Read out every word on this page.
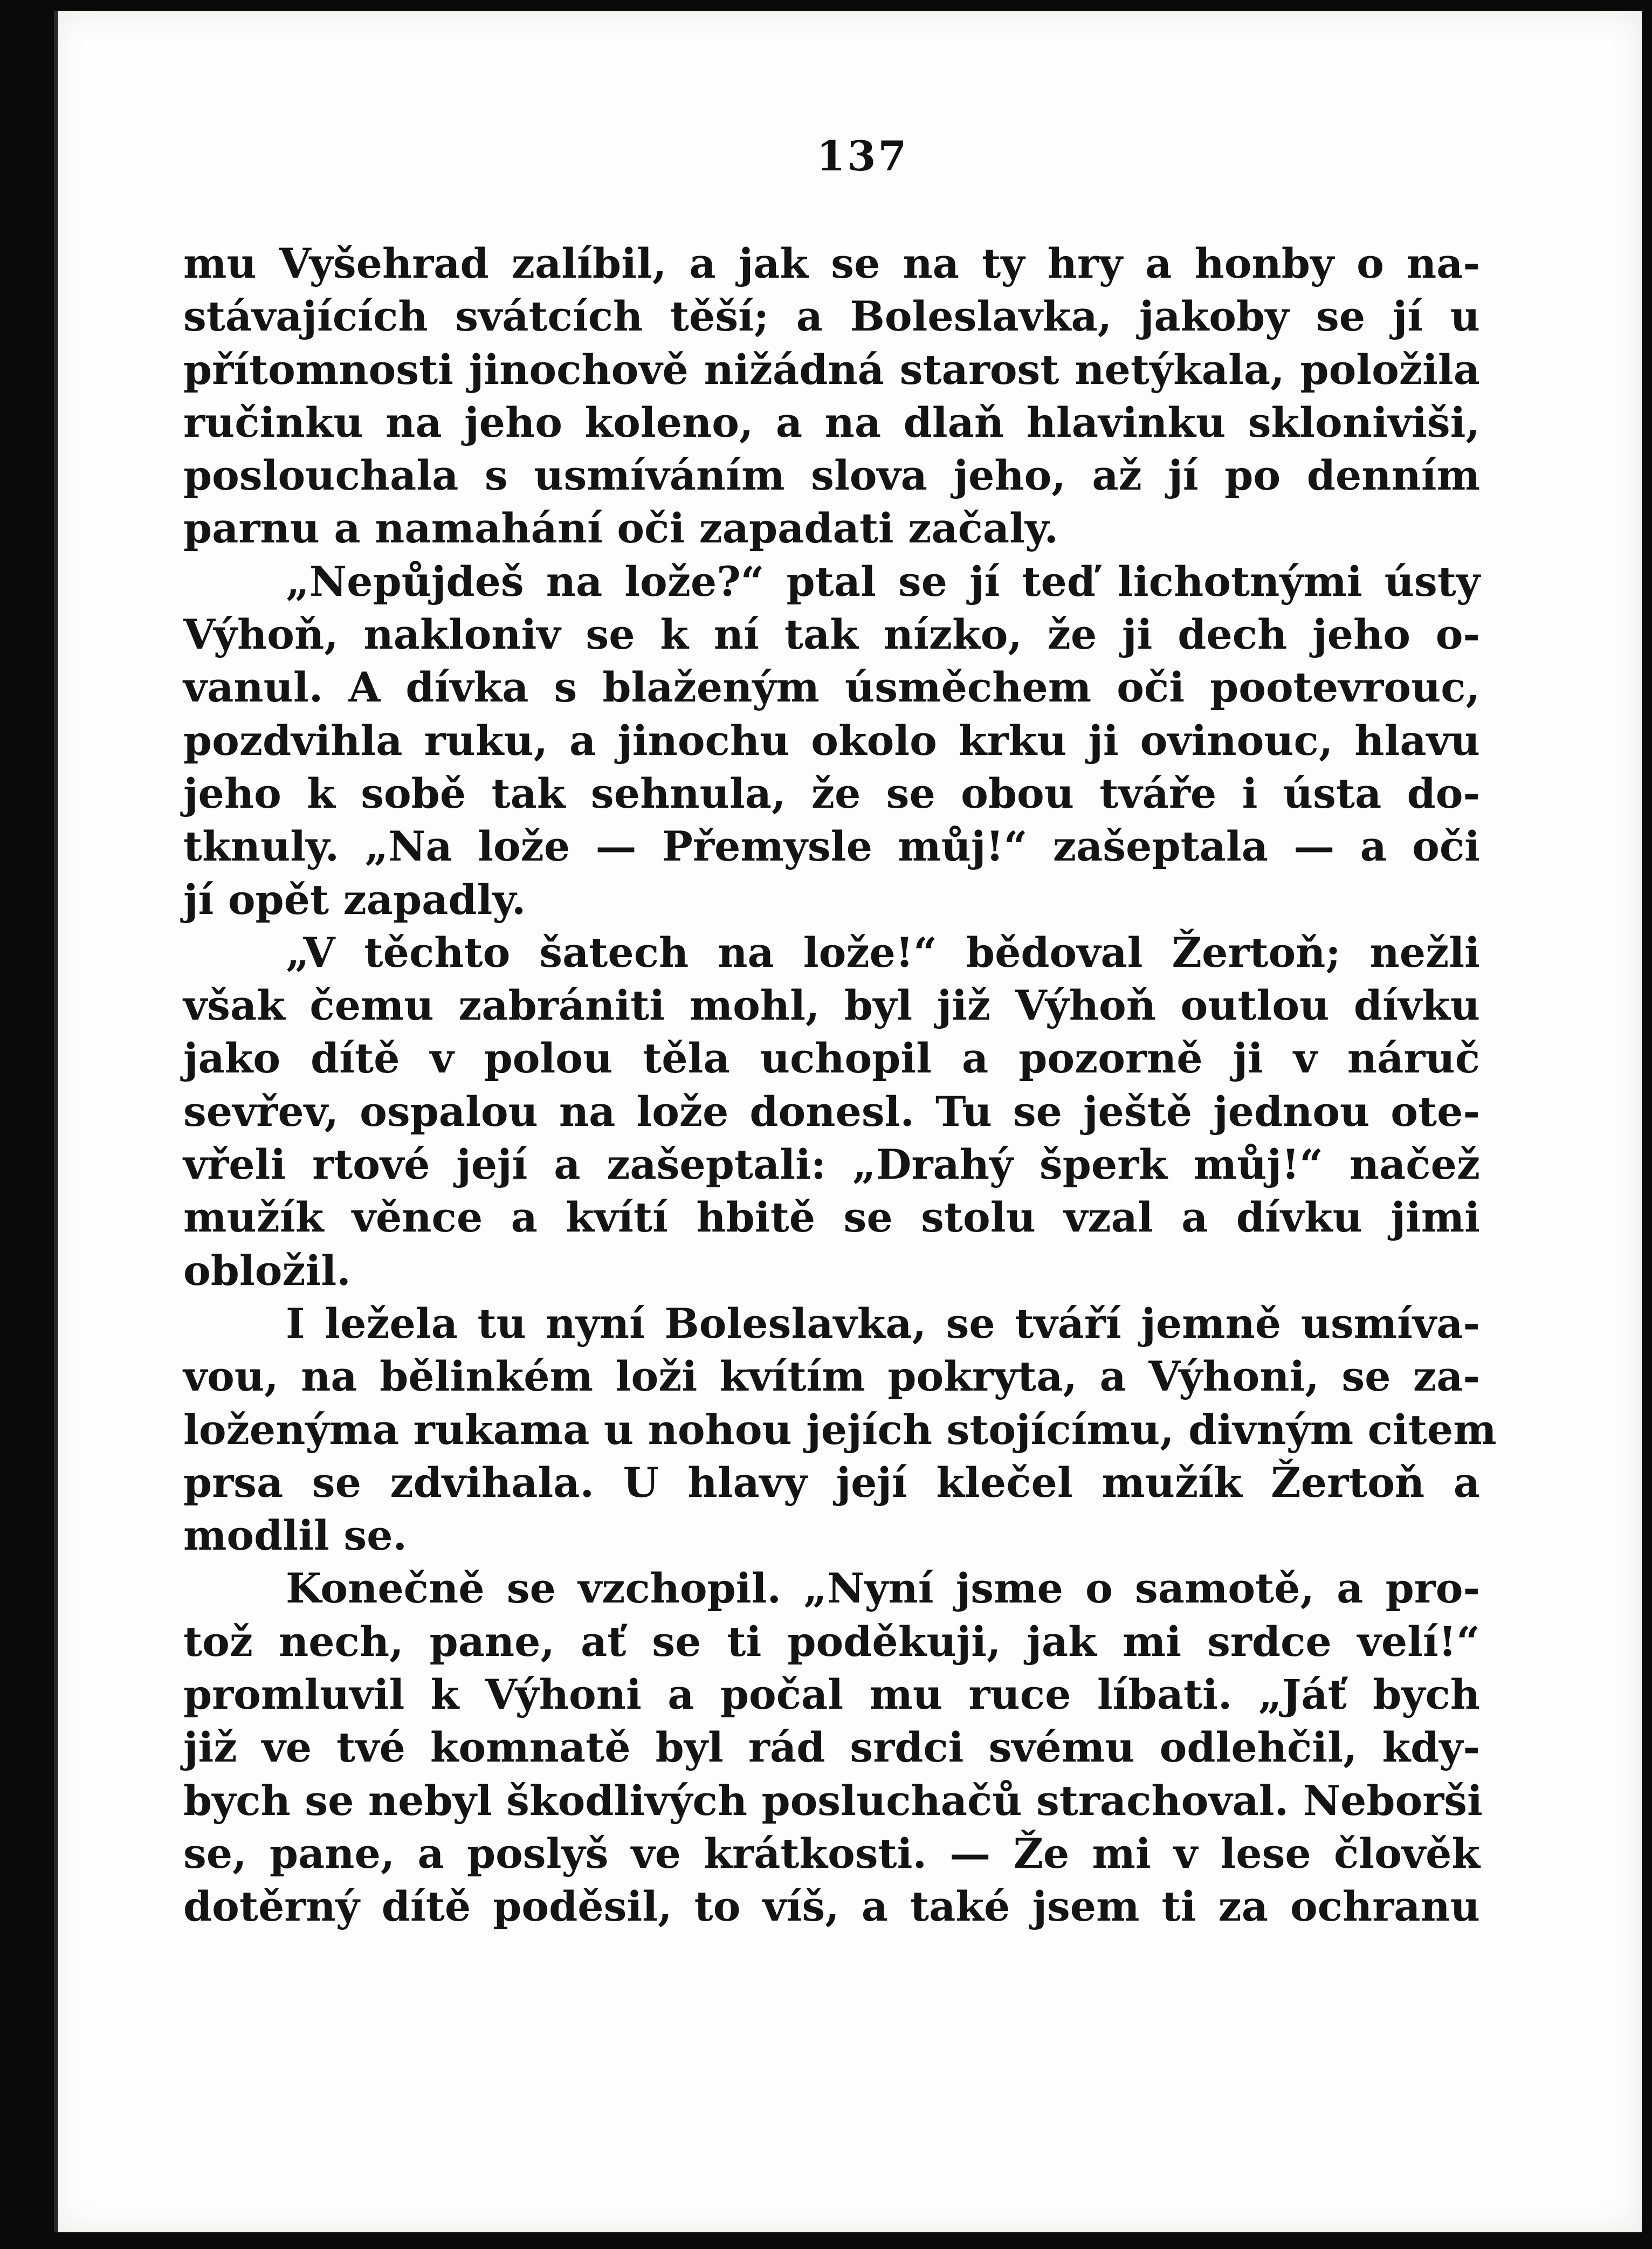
137
mu Vyšehrad zalíbil, a jak se na ty hry a honby o na-
stávajících svátcích těší; a Boleslavka, jakoby se jí u
přítomnosti jinochově nižádná starost netýkala, položila
ručinku na jeho koleno, a na dlaň hlavinku skloniviši,
poslouchala s usmíváním slova jeho, až jí po denním
parnu a namahání oči zapadati začaly.
„Nepůjdeš na lože?“ ptal se jí teď lichotnými ústy
Výhoň, nakloniv se k ní tak nízko, že ji dech jeho o-
vanul. A dívka s blaženým úsměchem oči pootevrouc,
pozdvihla ruku, a jinochu okolo krku ji ovinouc, hlavu
jeho k sobě tak sehnula, že se obou tváře i ústa do-
tknuly. „Na lože — Přemysle můj!“ zašeptala — a oči
jí opět zapadly.
„V těchto šatech na lože!“ bědoval Žertoň; nežli
však čemu zabrániti mohl, byl již Výhoň outlou dívku
jako dítě v polou těla uchopil a pozorně ji v náruč
sevřev, ospalou na lože donesl. Tu se ještě jednou ote-
vřeli rtové její a zašeptali: „Drahý šperk můj!“ načež
mužík věnce a kvítí hbitě se stolu vzal a dívku jimi
obložil.
I ležela tu nyní Boleslavka, se tváří jemně usmíva-
vou, na bělinkém loži kvítím pokryta, a Výhoni, se za-
loženýma rukama u nohou jejích stojícímu, divným citem
prsa se zdvihala. U hlavy její klečel mužík Žertoň a
modlil se.
Konečně se vzchopil. „Nyní jsme o samotě, a pro-
tož nech, pane, ať se ti poděkuji, jak mi srdce velí!“
promluvil k Výhoni a počal mu ruce líbati. „Jáť bych
již ve tvé komnatě byl rád srdci svému odlehčil, kdy-
bych se nebyl škodlivých posluchačů strachoval. Neborši
se, pane, a poslyš ve krátkosti. — Že mi v lese člověk
dotěrný dítě poděsil, to víš, a také jsem ti za ochranu
